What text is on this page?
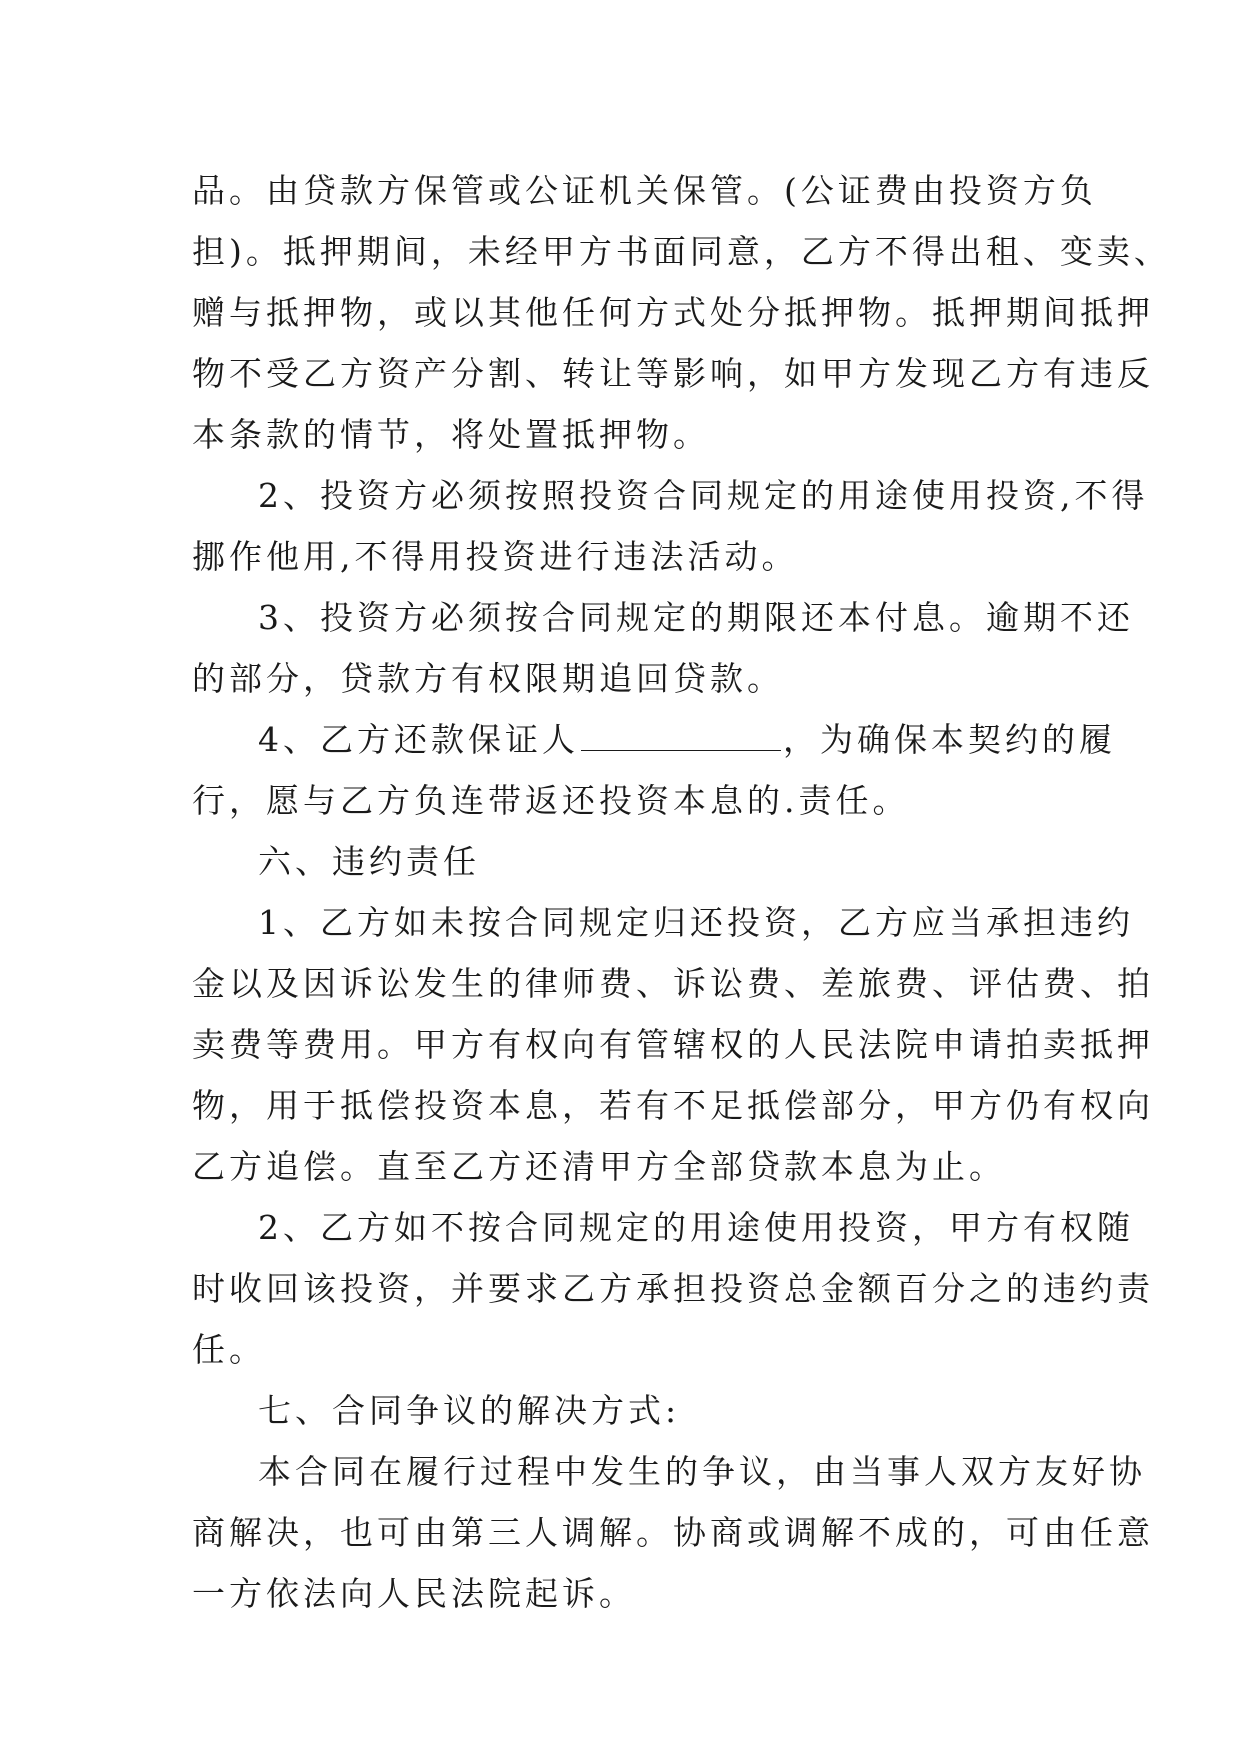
品。由贷款方保管或公证机关保管。(公证费由投资方负
担)。抵押期间，未经甲方书面同意，乙方不得出租、变卖、
赠与抵押物，或以其他任何方式处分抵押物。抵押期间抵押
物不受乙方资产分割、转让等影响，如甲方发现乙方有违反
本条款的情节，将处置抵押物。

2、投资方必须按照投资合同规定的用途使用投资,不得
挪作他用,不得用投资进行违法活动。

3、投资方必须按合同规定的期限还本付息。逾期不还
的部分，贷款方有权限期追回贷款。

4、乙方还款保证人	，为确保本契约的履
行，愿与乙方负连带返还投资本息的.责任。

六、违约责任

1、乙方如未按合同规定归还投资，乙方应当承担违约
金以及因诉讼发生的律师费、诉讼费、差旅费、评估费、拍
卖费等费用。甲方有权向有管辖权的人民法院申请拍卖抵押
物，用于抵偿投资本息，若有不足抵偿部分，甲方仍有权向
乙方追偿。直至乙方还清甲方全部贷款本息为止。

2、乙方如不按合同规定的用途使用投资，甲方有权随
时收回该投资，并要求乙方承担投资总金额百分之的违约责
任。

七、合同争议的解决方式:

本合同在履行过程中发生的争议，由当事人双方友好协
商解决，也可由第三人调解。协商或调解不成的，可由任意
一方依法向人民法院起诉。
